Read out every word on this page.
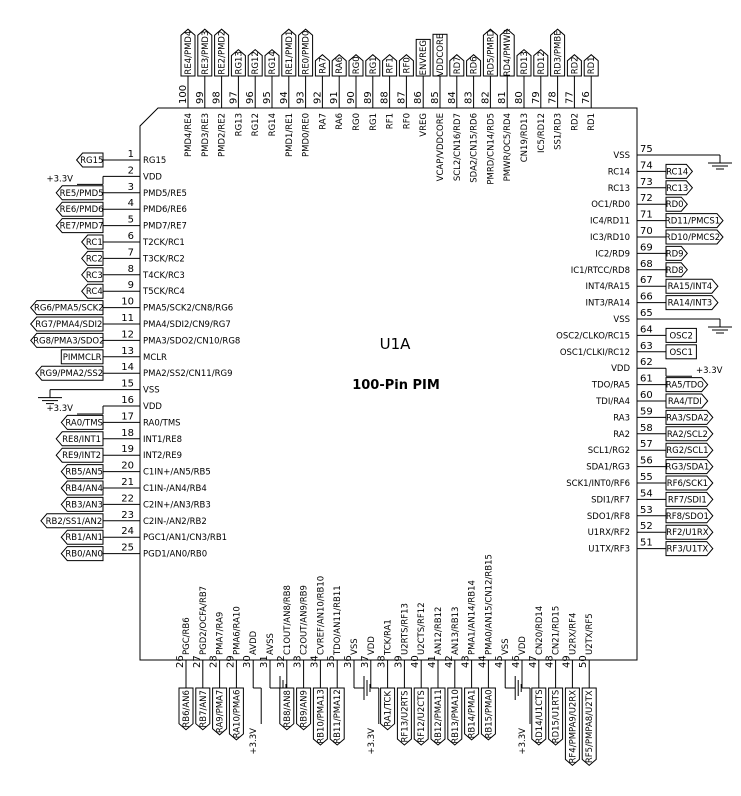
U1A
100-Pin PIM
1
RG15
RG15
2
VDD
+3.3V
3
PMD5/RE5
RE5/PMD5
4
PMD6/RE6
RE6/PMD6
5
PMD7/RE7
RE7/PMD7
6
T2CK/RC1
RC1
7
T3CK/RC2
RC2
8
T4CK/RC3
RC3
9
T5CK/RC4
RC4
10
PMA5/SCK2/CN8/RG6
RG6/PMA5/SCK2
11
PMA4/SDI2/CN9/RG7
RG7/PMA4/SDI2
12
PMA3/SDO2/CN10/RG8
RG8/PMA3/SDO2
13
MCLR
PIMMCLR
14
PMA2/SS2/CN11/RG9
RG9/PMA2/SS2
15
VSS
16
VDD
+3.3V
17
RA0/TMS
RA0/TMS
18
INT1/RE8
RE8/INT1
19
INT2/RE9
RE9/INT2
20
C1IN+/AN5/RB5
RB5/AN5
21
C1IN-/AN4/RB4
RB4/AN4
22
C2IN+/AN3/RB3
RB3/AN3
23
C2IN-/AN2/RB2
RB2/SS1/AN2
24
PGC1/AN1/CN3/RB1
RB1/AN1
25
PGD1/AN0/RB0
RB0/AN0
75
VSS
74
RC14	RC14
73
RC13	RC13
72
OC1/RD0	RD0
71
IC4/RD11	RD11/PMCS1
70
IC3/RD10	RD10/PMCS2
69
IC2/RD9	RD9
68
IC1/RTCC/RD8	RD8
67
INT4/RA15	RA15/INT4
66
INT3/RA14	RA14/INT3
65
VSS
64
OSC2/CLKO/RC15	OSC2
63
OSC1/CLKI/RC12	OSC1
62
VDD	+3.3V
61
TDO/RA5	RA5/TDO
60
TDI/RA4	RA4/TDI
59
RA3	RA3/SDA2
58
RA2	RA2/SCL2
57
SCL1/RG2	RG2/SCL1
56
SDA1/RG3	RG3/SDA1
55
SCK1/INT0/RF6	RF6/SCK1
54
SDI1/RF7	RF7/SDI1
53
SDO1/RF8	RF8/SDO1
52
U1RX/RF2	RF2/U1RX
51
U1TX/RF3	RF3/U1TX
100
PMD4/RE4
RE4/PMD4
99
PMD3/RE3
RE3/PMD3
98
PMD2/RE2
RE2/PMD2
97
RG13
RG13
96
RG12
RG12
95
RG14
RG14
94
PMD1/RE1
RE1/PMD1
93
PMD0/RE0
RE0/PMD0
92
RA7
RA7
91
RA6
RA6
90
RG0
RG0
89
RG1
RG1
88
RF1
RF1
87
RF0
RF0
86
VREG
ENVREG
85
VCAP/VDDCORE
VDDCORE
84
SCL2/CN16/RD7
RD7
83
SDA2/CN15/RD6
RD6
82
PMRD/CN14/RD5
RD5/PMRD
81
PMWR/OC5/RD4
RD4/PMWR
80
CN19/RD13
RD13
79
IC5/RD12
RD12
78
SS1/RD3
RD3/PMBE
77
RD2
RD2
76
RD1
RD1
26
PGC/RB6
RB6/AN6
27
PGD2/OCFA/RB7
RB7/AN7
28
PMA7/RA9
RA9/PMA7
29
PMA6/RA10
RA10/PMA6
30
AVDD
+3.3V
31
AVSS
32
C1OUT/AN8/RB8
RB8/AN8
33
C2OUT/AN9/RB9
RB9/AN9
34
CVREF/AN10/RB10
RB10/PMA13
35
TDO/AN11/RB11
RB11/PMA12
36
VSS
37
VDD
+3.3V
38
TCK/RA1
RA1/TCK
39
U2RTS/RF13
RF13/U2RTS
40
U2CTS/RF12
RF12/U2CTS
41
AN12/RB12
RB12/PMA11
42
AN13/RB13
RB13/PMA10
43
PMA1/AN14/RB14
RB14/PMA1
44
PMA0/AN15/CN12/RB15
RB15/PMA0
45
VSS
46
VDD
+3.3V
47
CN20/RD14
RD14/U1CTS
48
CN21/RD15
RD15/U1RTS
49
U2RX/RF4
RF4/PMPA9/U2RX
50
U2TX/RF5
RF5/PMPA8/U2TX
